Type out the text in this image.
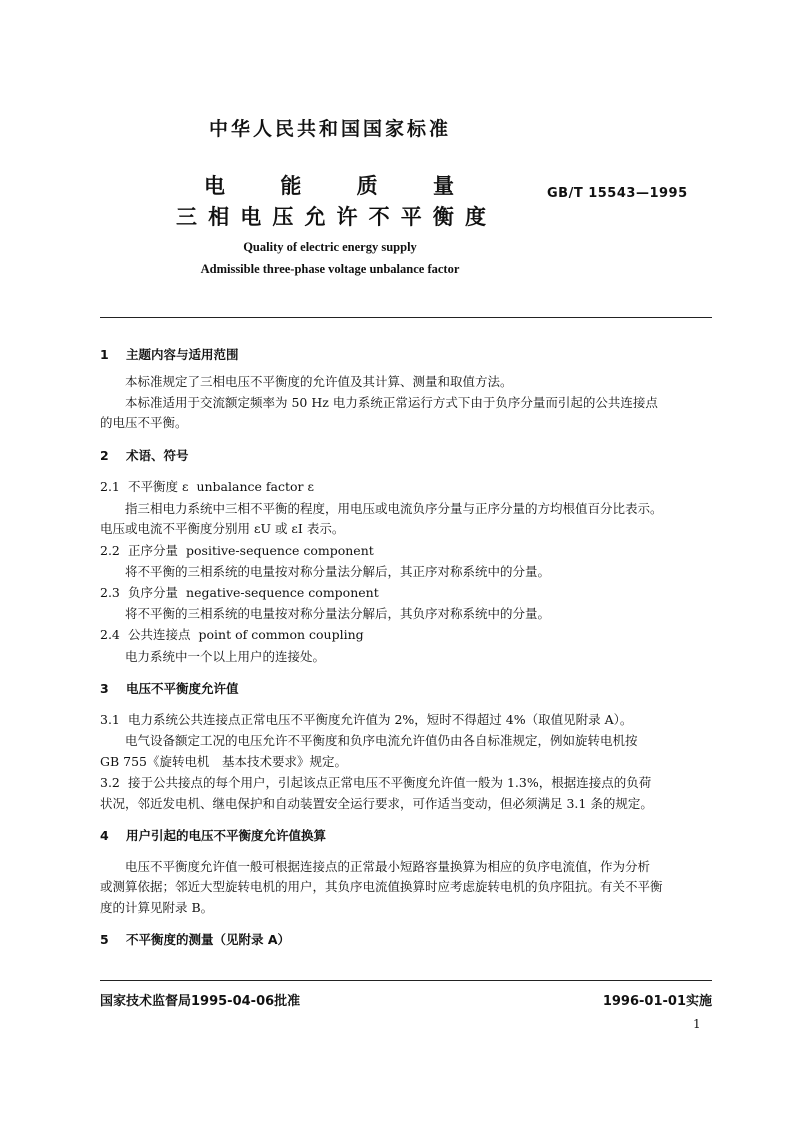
中华人民共和国国家标准
电	能	质	量
三 相 电 压 允 许 不 平 衡 度
GB/T 15543—1995
Quality of electric energy supply
Admissible three-phase voltage unbalance factor
1 主题内容与适用范围
本标准规定了三相电压不平衡度的允许值及其计算、测量和取值方法。
本标准适用于交流额定频率为 50 Hz 电力系统正常运行方式下由于负序分量而引起的公共连接点
的电压不平衡。
2 术语、符号
2.1 不平衡度 ε unbalance factor ε
指三相电力系统中三相不平衡的程度，用电压或电流负序分量与正序分量的方均根值百分比表示。
电压或电流不平衡度分别用 εU 或 εI 表示。
2.2 正序分量 positive-sequence component
将不平衡的三相系统的电量按对称分量法分解后，其正序对称系统中的分量。
2.3 负序分量 negative-sequence component
将不平衡的三相系统的电量按对称分量法分解后，其负序对称系统中的分量。
2.4 公共连接点 point of common coupling
电力系统中一个以上用户的连接处。
3 电压不平衡度允许值
3.1 电力系统公共连接点正常电压不平衡度允许值为 2%，短时不得超过 4%（取值见附录 A）。
电气设备额定工况的电压允许不平衡度和负序电流允许值仍由各自标准规定，例如旋转电机按
GB 755《旋转电机　基本技术要求》规定。
3.2 接于公共接点的每个用户，引起该点正常电压不平衡度允许值一般为 1.3%，根据连接点的负荷
状况，邻近发电机、继电保护和自动装置安全运行要求，可作适当变动，但必须满足 3.1 条的规定。
4 用户引起的电压不平衡度允许值换算
电压不平衡度允许值一般可根据连接点的正常最小短路容量换算为相应的负序电流值，作为分析
或测算依据；邻近大型旋转电机的用户，其负序电流值换算时应考虑旋转电机的负序阻抗。有关不平衡
度的计算见附录 B。
5 不平衡度的测量（见附录 A）
国家技术监督局1995-04-06批准	1996-01-01实施
1
